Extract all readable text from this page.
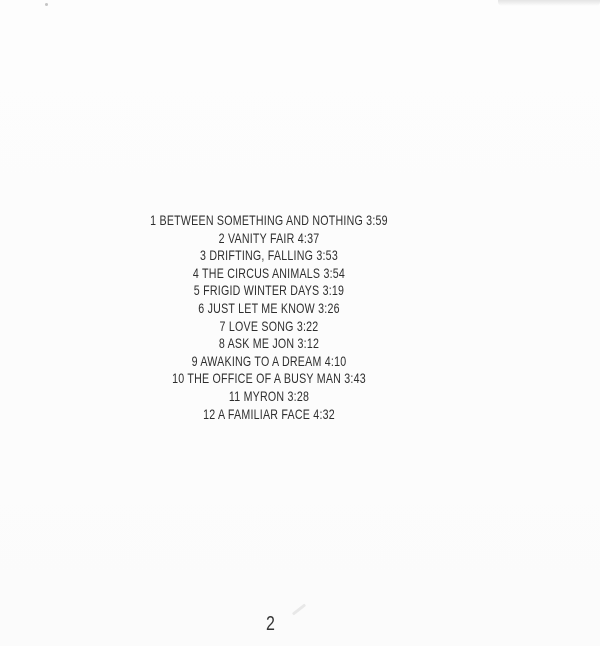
1 BETWEEN SOMETHING AND NOTHING 3:59
2 VANITY FAIR 4:37
3 DRIFTING, FALLING 3:53
4 THE CIRCUS ANIMALS 3:54
5 FRIGID WINTER DAYS 3:19
6 JUST LET ME KNOW 3:26
7 LOVE SONG 3:22
8 ASK ME JON 3:12
9 AWAKING TO A DREAM 4:10
10 THE OFFICE OF A BUSY MAN 3:43
11 MYRON 3:28
12 A FAMILIAR FACE 4:32
2
